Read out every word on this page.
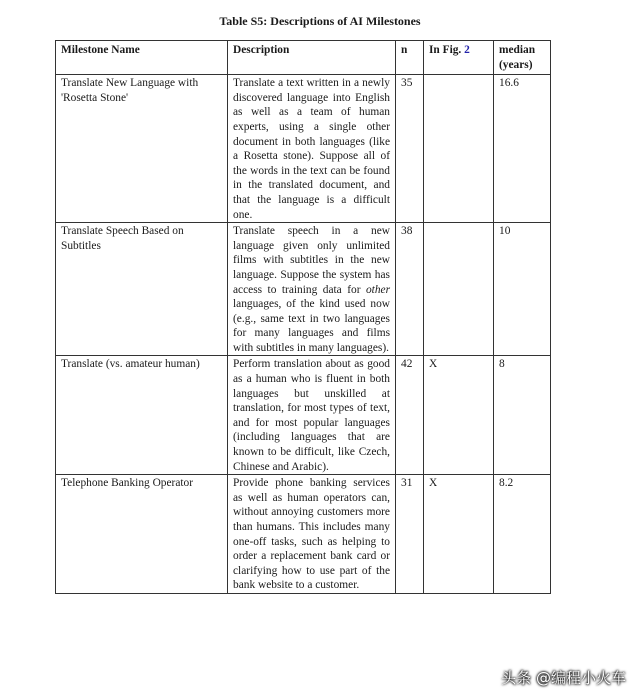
Table S5: Descriptions of AI Milestones
Milestone Name	Description	n	In Fig. 2	median
(years)
Translate New Language with 'Rosetta Stone'	Translate a text written in a newly discovered language into English as well as a team of human experts, using a single other document in both languages (like a Rosetta stone). Suppose all of the words in the text can be found in the translated document, and that the language is a difficult one.	35		16.6
Translate Speech Based on Subtitles	Translate speech in a new language given only unlimited films with subtitles in the new language. Suppose the system has access to training data for other languages, of the kind used now (e.g., same text in two languages for many languages and films with subtitles in many languages).	38		10
Translate (vs. amateur human)	Perform translation about as good as a human who is fluent in both languages but unskilled at translation, for most types of text, and for most popular languages (including languages that are known to be difficult, like Czech, Chinese and Arabic).	42	X	8
Telephone Banking Operator	Provide phone banking services as well as human operators can, without annoying customers more than humans. This includes many one-off tasks, such as helping to order a replacement bank card or clarifying how to use part of the bank website to a customer.	31	X	8.2
头条 @编程小火车
